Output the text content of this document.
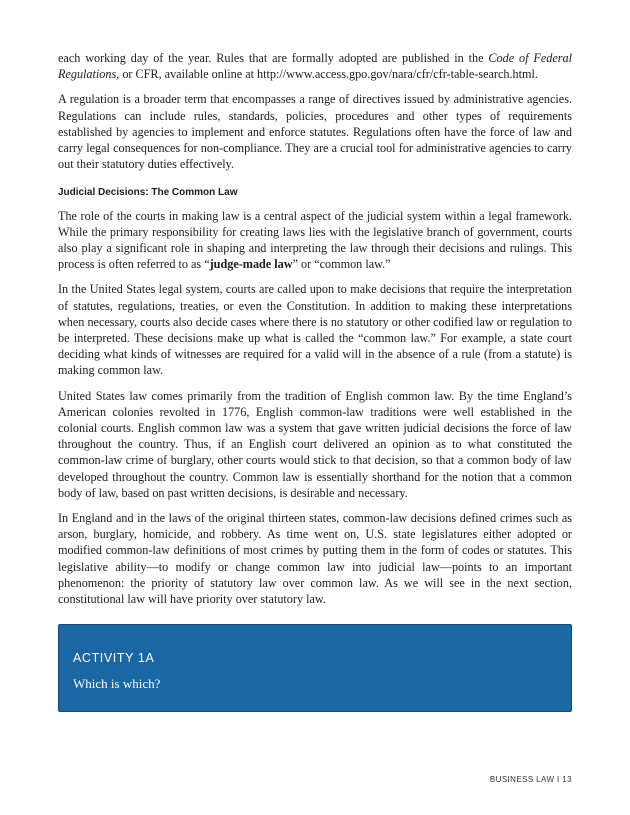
each working day of the year. Rules that are formally adopted are published in the Code of Federal Regulations, or CFR, available online at http://www.access.gpo.gov/nara/cfr/cfr-table-search.html.

A regulation is a broader term that encompasses a range of directives issued by administrative agencies. Regulations can include rules, standards, policies, procedures and other types of requirements established by agencies to implement and enforce statutes. Regulations often have the force of law and carry legal consequences for non-compliance. They are a crucial tool for administrative agencies to carry out their statutory duties effectively.

Judicial Decisions: The Common Law

The role of the courts in making law is a central aspect of the judicial system within a legal framework. While the primary responsibility for creating laws lies with the legislative branch of government, courts also play a significant role in shaping and interpreting the law through their decisions and rulings. This process is often referred to as “judge-made law” or “common law.”

In the United States legal system, courts are called upon to make decisions that require the interpretation of statutes, regulations, treaties, or even the Constitution. In addition to making these interpretations when necessary, courts also decide cases where there is no statutory or other codified law or regulation to be interpreted. These decisions make up what is called the “common law.” For example, a state court deciding what kinds of witnesses are required for a valid will in the absence of a rule (from a statute) is making common law.

United States law comes primarily from the tradition of English common law. By the time England’s American colonies revolted in 1776, English common-law traditions were well established in the colonial courts. English common law was a system that gave written judicial decisions the force of law throughout the country. Thus, if an English court delivered an opinion as to what constituted the common-law crime of burglary, other courts would stick to that decision, so that a common body of law developed throughout the country. Common law is essentially shorthand for the notion that a common body of law, based on past written decisions, is desirable and necessary.

In England and in the laws of the original thirteen states, common-law decisions defined crimes such as arson, burglary, homicide, and robbery. As time went on, U.S. state legislatures either adopted or modified common-law definitions of most crimes by putting them in the form of codes or statutes. This legislative ability—to modify or change common law into judicial law—points to an important phenomenon: the priority of statutory law over common law. As we will see in the next section, constitutional law will have priority over statutory law.

ACTIVITY 1A
Which is which?
BUSINESS LAW I 13
